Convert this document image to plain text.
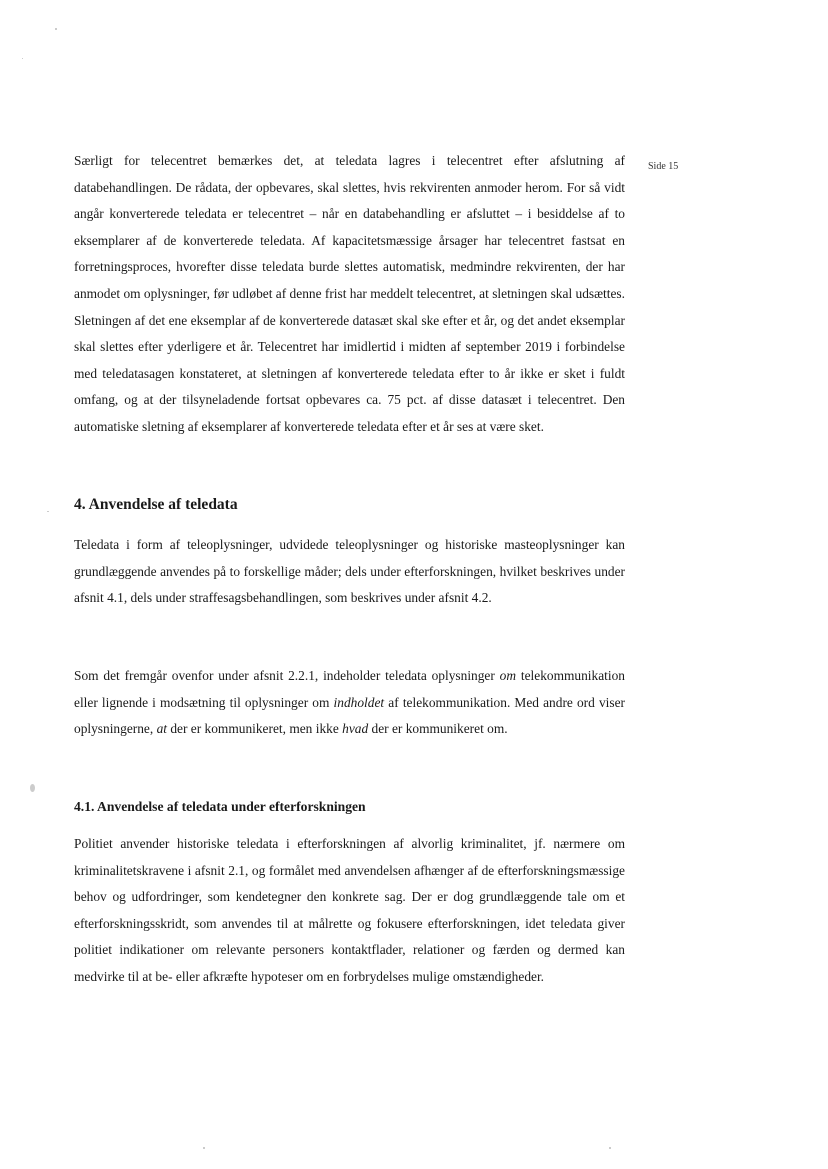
Side 15

Særligt for telecentret bemærkes det, at teledata lagres i telecentret efter afslutning af databehandlingen. De rådata, der opbevares, skal slettes, hvis rekvirenten anmoder herom. For så vidt angår konverterede teledata er telecentret – når en databehandling er afsluttet – i besiddelse af to eksemplarer af de konverterede teledata. Af kapacitetsmæssige årsager har telecentret fastsat en forretningsproces, hvorefter disse teledata burde slettes automatisk, medmindre rekvirenten, der har anmodet om oplysninger, før udløbet af denne frist har meddelt telecentret, at sletningen skal udsættes. Sletningen af det ene eksemplar af de konverterede datasæt skal ske efter et år, og det andet eksemplar skal slettes efter yderligere et år. Telecentret har imidlertid i midten af september 2019 i forbindelse med teledatasagen konstateret, at sletningen af konverterede teledata efter to år ikke er sket i fuldt omfang, og at der tilsyneladende fortsat opbevares ca. 75 pct. af disse datasæt i telecentret. Den automatiske sletning af eksemplarer af konverterede teledata efter et år ses at være sket.

4. Anvendelse af teledata

Teledata i form af teleoplysninger, udvidede teleoplysninger og historiske masteoplysninger kan grundlæggende anvendes på to forskellige måder; dels under efterforskningen, hvilket beskrives under afsnit 4.1, dels under straffesagsbehandlingen, som beskrives under afsnit 4.2.

Som det fremgår ovenfor under afsnit 2.2.1, indeholder teledata oplysninger om telekommunikation eller lignende i modsætning til oplysninger om indholdet af telekommunikation. Med andre ord viser oplysningerne, at der er kommunikeret, men ikke hvad der er kommunikeret om.

4.1. Anvendelse af teledata under efterforskningen

Politiet anvender historiske teledata i efterforskningen af alvorlig kriminalitet, jf. nærmere om kriminalitetskravene i afsnit 2.1, og formålet med anvendelsen afhænger af de efterforskningsmæssige behov og udfordringer, som kendetegner den konkrete sag. Der er dog grundlæggende tale om et efterforskningsskridt, som anvendes til at målrette og fokusere efterforskningen, idet teledata giver politiet indikationer om relevante personers kontaktflader, relationer og færden og dermed kan medvirke til at be- eller afkræfte hypoteser om en forbrydelses mulige omstændigheder.
